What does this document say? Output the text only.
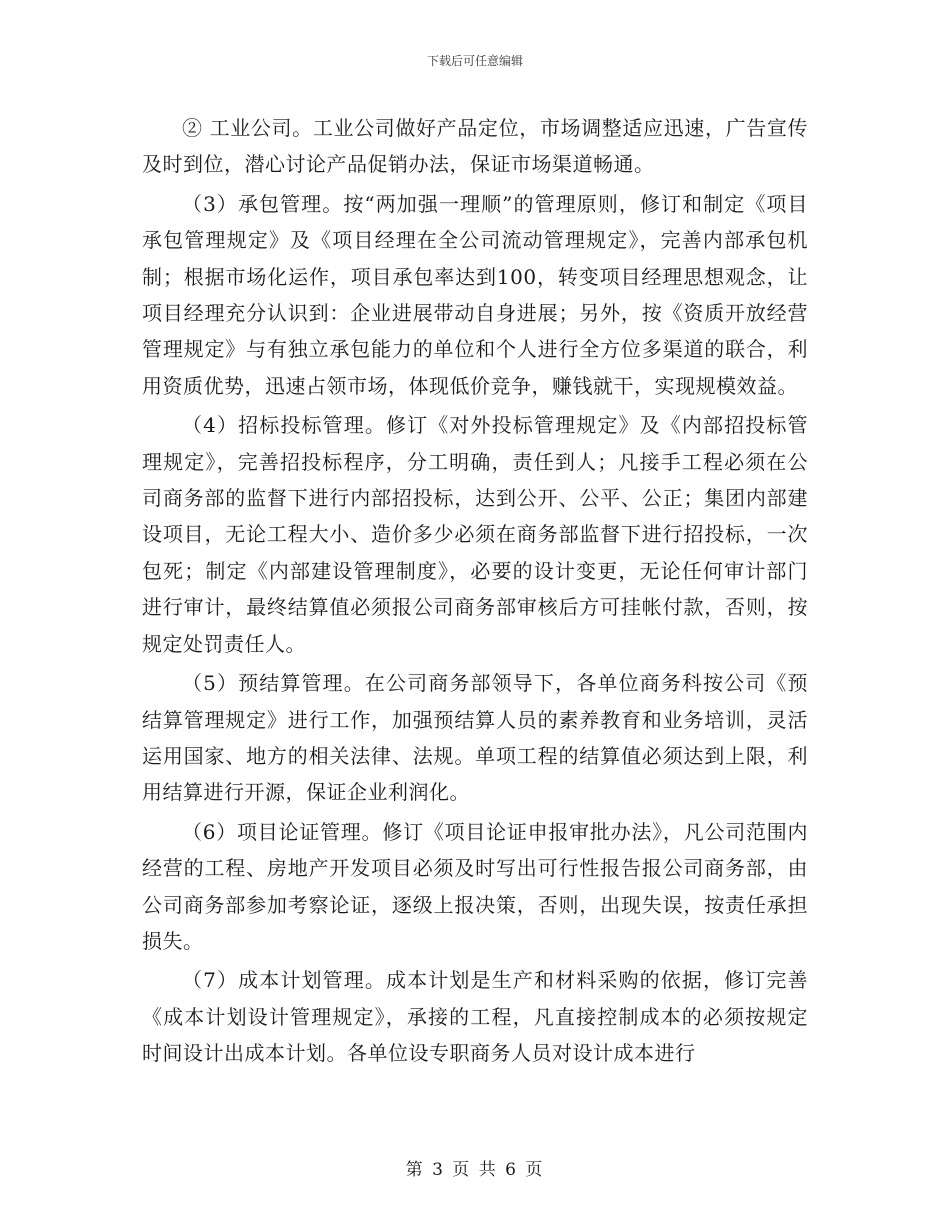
下载后可任意编辑

② 工业公司。工业公司做好产品定位，市场调整适应迅速，广告宣传及时到位，潜心讨论产品促销办法，保证市场渠道畅通。

（3）承包管理。按“两加强一理顺”的管理原则，修订和制定《项目承包管理规定》及《项目经理在全公司流动管理规定》，完善内部承包机制；根据市场化运作，项目承包率达到100，转变项目经理思想观念，让项目经理充分认识到：企业进展带动自身进展；另外，按《资质开放经营管理规定》与有独立承包能力的单位和个人进行全方位多渠道的联合，利用资质优势，迅速占领市场，体现低价竞争，赚钱就干，实现规模效益。

（4）招标投标管理。修订《对外投标管理规定》及《内部招投标管理规定》，完善招投标程序，分工明确，责任到人；凡接手工程必须在公司商务部的监督下进行内部招投标，达到公开、公平、公正；集团内部建设项目，无论工程大小、造价多少必须在商务部监督下进行招投标，一次包死；制定《内部建设管理制度》，必要的设计变更，无论任何审计部门进行审计，最终结算值必须报公司商务部审核后方可挂帐付款，否则，按规定处罚责任人。

（5）预结算管理。在公司商务部领导下，各单位商务科按公司《预结算管理规定》进行工作，加强预结算人员的素养教育和业务培训，灵活运用国家、地方的相关法律、法规。单项工程的结算值必须达到上限，利用结算进行开源，保证企业利润化。

（6）项目论证管理。修订《项目论证申报审批办法》，凡公司范围内经营的工程、房地产开发项目必须及时写出可行性报告报公司商务部，由公司商务部参加考察论证，逐级上报决策，否则，出现失误，按责任承担损失。

（7）成本计划管理。成本计划是生产和材料采购的依据，修订完善《成本计划设计管理规定》，承接的工程，凡直接控制成本的必须按规定时间设计出成本计划。各单位设专职商务人员对设计成本进行

第 3 页 共 6 页
